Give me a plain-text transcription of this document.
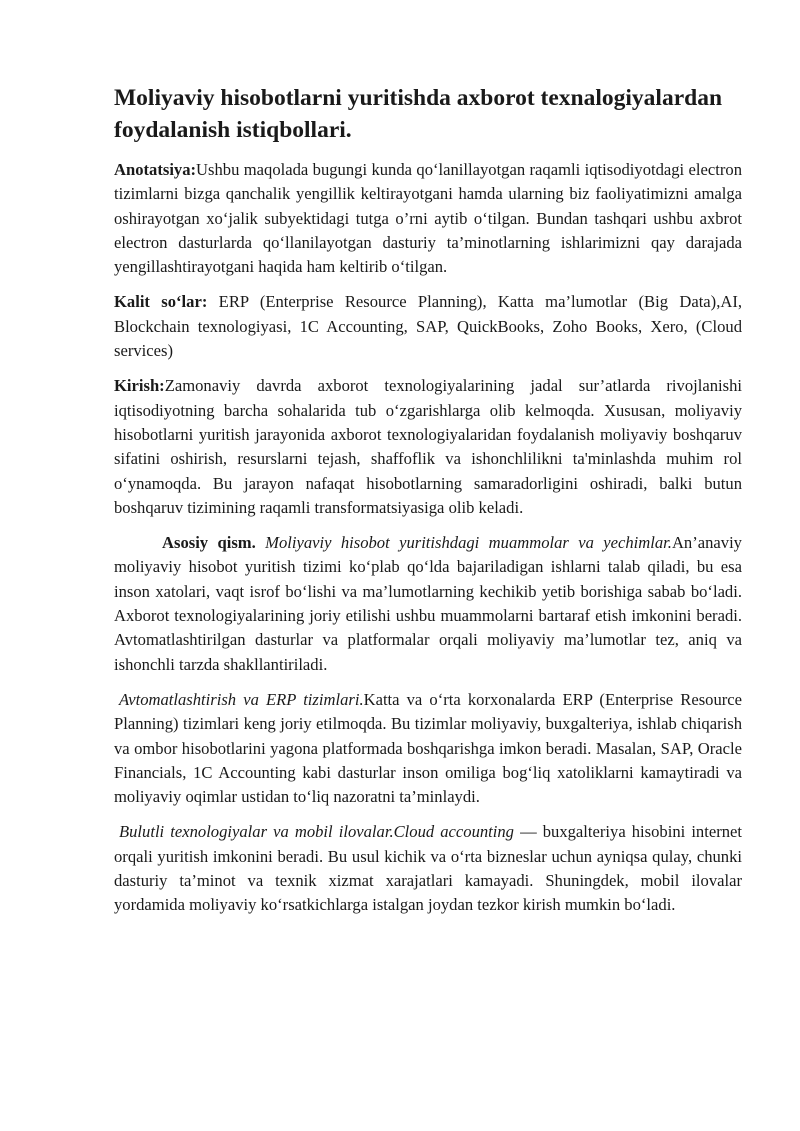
Moliyaviy hisobotlarni yuritishda axborot texnalogiyalardan foydalanish istiqbollari.

Anotatsiya:Ushbu maqolada bugungi kunda qo‘lanillayotgan raqamli iqtisodiyotdagi electron tizimlarni bizga qanchalik yengillik keltirayotgani hamda ularning biz faoliyatimizni amalga oshirayotgan xo‘jalik subyektidagi tutga o’rni aytib o‘tilgan. Bundan tashqari ushbu axbrot electron dasturlarda qo‘llanilayotgan dasturiy ta’minotlarning ishlarimizni qay darajada yengillashtirayotgani haqida ham keltirib o‘tilgan.

Kalit so‘lar: ERP (Enterprise Resource Planning), Katta ma’lumotlar (Big Data),AI, Blockchain texnologiyasi, 1C Accounting, SAP, QuickBooks, Zoho Books, Xero, (Cloud services)

Kirish:Zamonaviy davrda axborot texnologiyalarining jadal sur’atlarda rivojlanishi iqtisodiyotning barcha sohalarida tub o‘zgarishlarga olib kelmoqda. Xususan, moliyaviy hisobotlarni yuritish jarayonida axborot texnologiyalaridan foydalanish moliyaviy boshqaruv sifatini oshirish, resurslarni tejash, shaffoflik va ishonchlilikni ta'minlashda muhim rol o‘ynamoqda. Bu jarayon nafaqat hisobotlarning samaradorligini oshiradi, balki butun boshqaruv tizimining raqamli transformatsiyasiga olib keladi.

Asosiy qism. Moliyaviy hisobot yuritishdagi muammolar va yechimlar.An’anaviy moliyaviy hisobot yuritish tizimi ko‘plab qo‘lda bajariladigan ishlarni talab qiladi, bu esa inson xatolari, vaqt isrof bo‘lishi va ma’lumotlarning kechikib yetib borishiga sabab bo‘ladi. Axborot texnologiyalarining joriy etilishi ushbu muammolarni bartaraf etish imkonini beradi. Avtomatlashtirilgan dasturlar va platformalar orqali moliyaviy ma’lumotlar tez, aniq va ishonchli tarzda shakllantiriladi.

Avtomatlashtirish va ERP tizimlari.Katta va o‘rta korxonalarda ERP (Enterprise Resource Planning) tizimlari keng joriy etilmoqda. Bu tizimlar moliyaviy, buxgalteriya, ishlab chiqarish va ombor hisobotlarini yagona platformada boshqarishga imkon beradi. Masalan, SAP, Oracle Financials, 1C Accounting kabi dasturlar inson omiliga bog‘liq xatoliklarni kamaytiradi va moliyaviy oqimlar ustidan to‘liq nazoratni ta’minlaydi.

Bulutli texnologiyalar va mobil ilovalar.Cloud accounting — buxgalteriya hisobini internet orqali yuritish imkonini beradi. Bu usul kichik va o‘rta bizneslar uchun ayniqsa qulay, chunki dasturiy ta’minot va texnik xizmat xarajatlari kamayadi. Shuningdek, mobil ilovalar yordamida moliyaviy ko‘rsatkichlarga istalgan joydan tezkor kirish mumkin bo‘ladi.
